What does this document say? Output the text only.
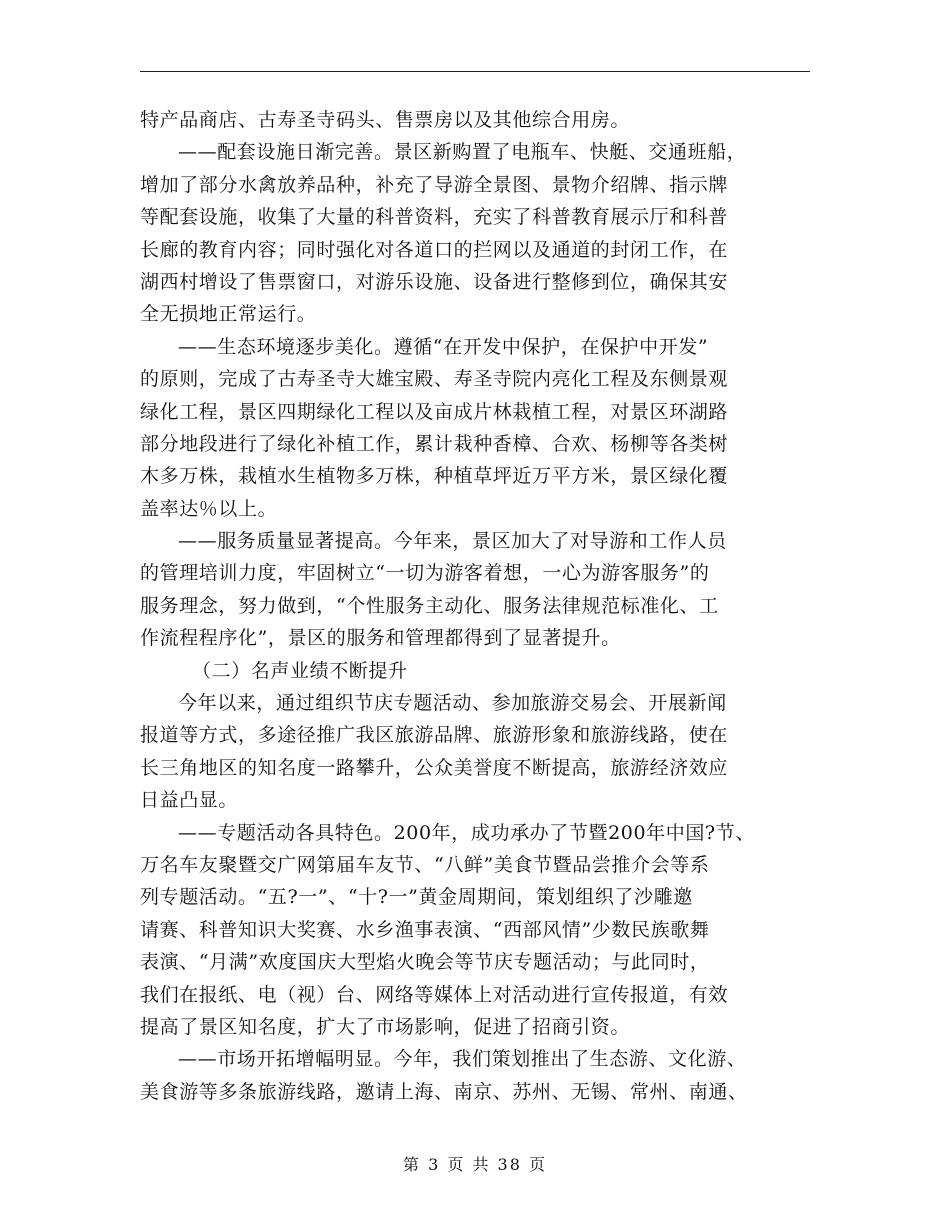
特产品商店、古寿圣寺码头、售票房以及其他综合用房。
——配套设施日渐完善。景区新购置了电瓶车、快艇、交通班船，
增加了部分水禽放养品种，补充了导游全景图、景物介绍牌、指示牌
等配套设施，收集了大量的科普资料，充实了科普教育展示厅和科普
长廊的教育内容；同时强化对各道口的拦网以及通道的封闭工作，在
湖西村增设了售票窗口，对游乐设施、设备进行整修到位，确保其安
全无损地正常运行。
——生态环境逐步美化。遵循“在开发中保护，在保护中开发”
的原则，完成了古寿圣寺大雄宝殿、寿圣寺院内亮化工程及东侧景观
绿化工程，景区四期绿化工程以及亩成片林栽植工程，对景区环湖路
部分地段进行了绿化补植工作，累计栽种香樟、合欢、杨柳等各类树
木多万株，栽植水生植物多万株，种植草坪近万平方米，景区绿化覆
盖率达％以上。
——服务质量显著提高。今年来，景区加大了对导游和工作人员
的管理培训力度，牢固树立“一切为游客着想，一心为游客服务”的
服务理念，努力做到，“个性服务主动化、服务法律规范标准化、工
作流程程序化”，景区的服务和管理都得到了显著提升。
（二）名声业绩不断提升
今年以来，通过组织节庆专题活动、参加旅游交易会、开展新闻
报道等方式，多途径推广我区旅游品牌、旅游形象和旅游线路，使在
长三角地区的知名度一路攀升，公众美誉度不断提高，旅游经济效应
日益凸显。
——专题活动各具特色。200年，成功承办了节暨200年中国?节、
万名车友聚暨交广网第届车友节、“八鲜”美食节暨品尝推介会等系
列专题活动。“五?一”、“十?一”黄金周期间，策划组织了沙雕邀
请赛、科普知识大奖赛、水乡渔事表演、“西部风情”少数民族歌舞
表演、“月满”欢度国庆大型焰火晚会等节庆专题活动；与此同时，
我们在报纸、电（视）台、网络等媒体上对活动进行宣传报道，有效
提高了景区知名度，扩大了市场影响，促进了招商引资。
——市场开拓增幅明显。今年，我们策划推出了生态游、文化游、
美食游等多条旅游线路，邀请上海、南京、苏州、无锡、常州、南通、
第 3 页 共 38 页
